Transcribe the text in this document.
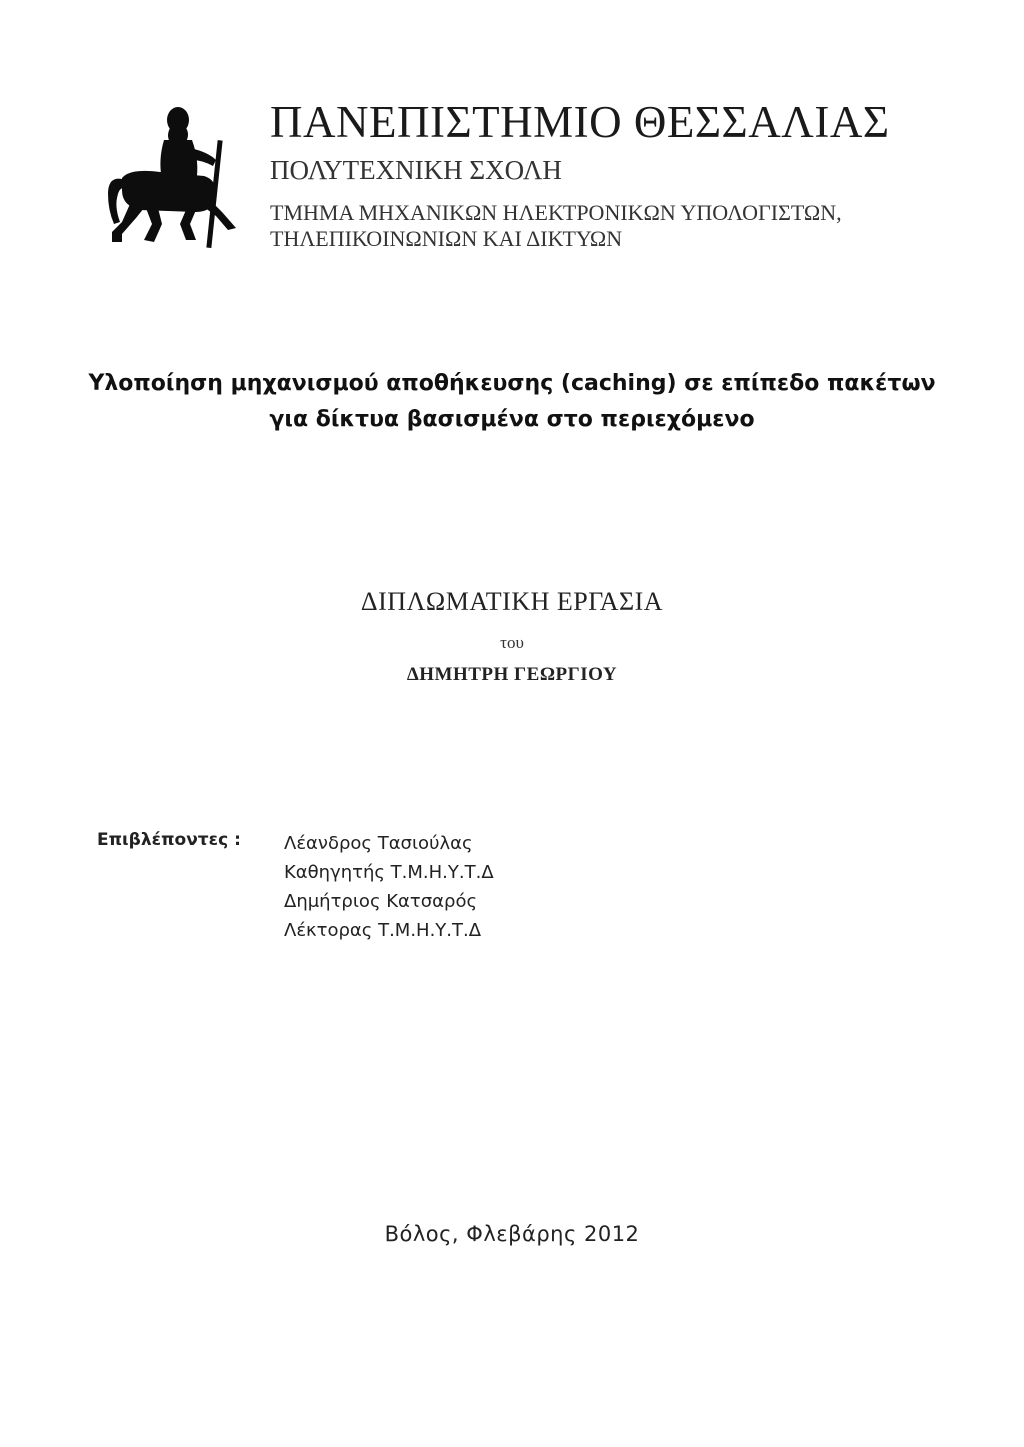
ΠΑΝΕΠΙΣΤΗΜΙΟ ΘΕΣΣΑΛΙΑΣ
ΠΟΛΥΤΕΧΝΙΚΗ ΣΧΟΛΗ
ΤΜΗΜΑ ΜΗΧΑΝΙΚΩΝ ΗΛΕΚΤΡΟΝΙΚΩΝ ΥΠΟΛΟΓΙΣΤΩΝ,
ΤΗΛΕΠΙΚΟΙΝΩΝΙΩΝ ΚΑΙ ΔΙΚΤΥΩΝ
Υλοποίηση μηχανισμού αποθήκευσης (caching) σε επίπεδο πακέτων
για δίκτυα βασισμένα στο περιεχόμενο
ΔΙΠΛΩΜΑΤΙΚΗ ΕΡΓΑΣΙΑ
του
ΔΗΜΗΤΡΗ ΓΕΩΡΓΙΟΥ
Επιβλέποντες : Λέανδρος Τασιούλας
Καθηγητής Τ.Μ.Η.Υ.Τ.Δ
Δημήτριος Κατσαρός
Λέκτορας Τ.Μ.Η.Υ.Τ.Δ
Βόλος, Φλεβάρης 2012
